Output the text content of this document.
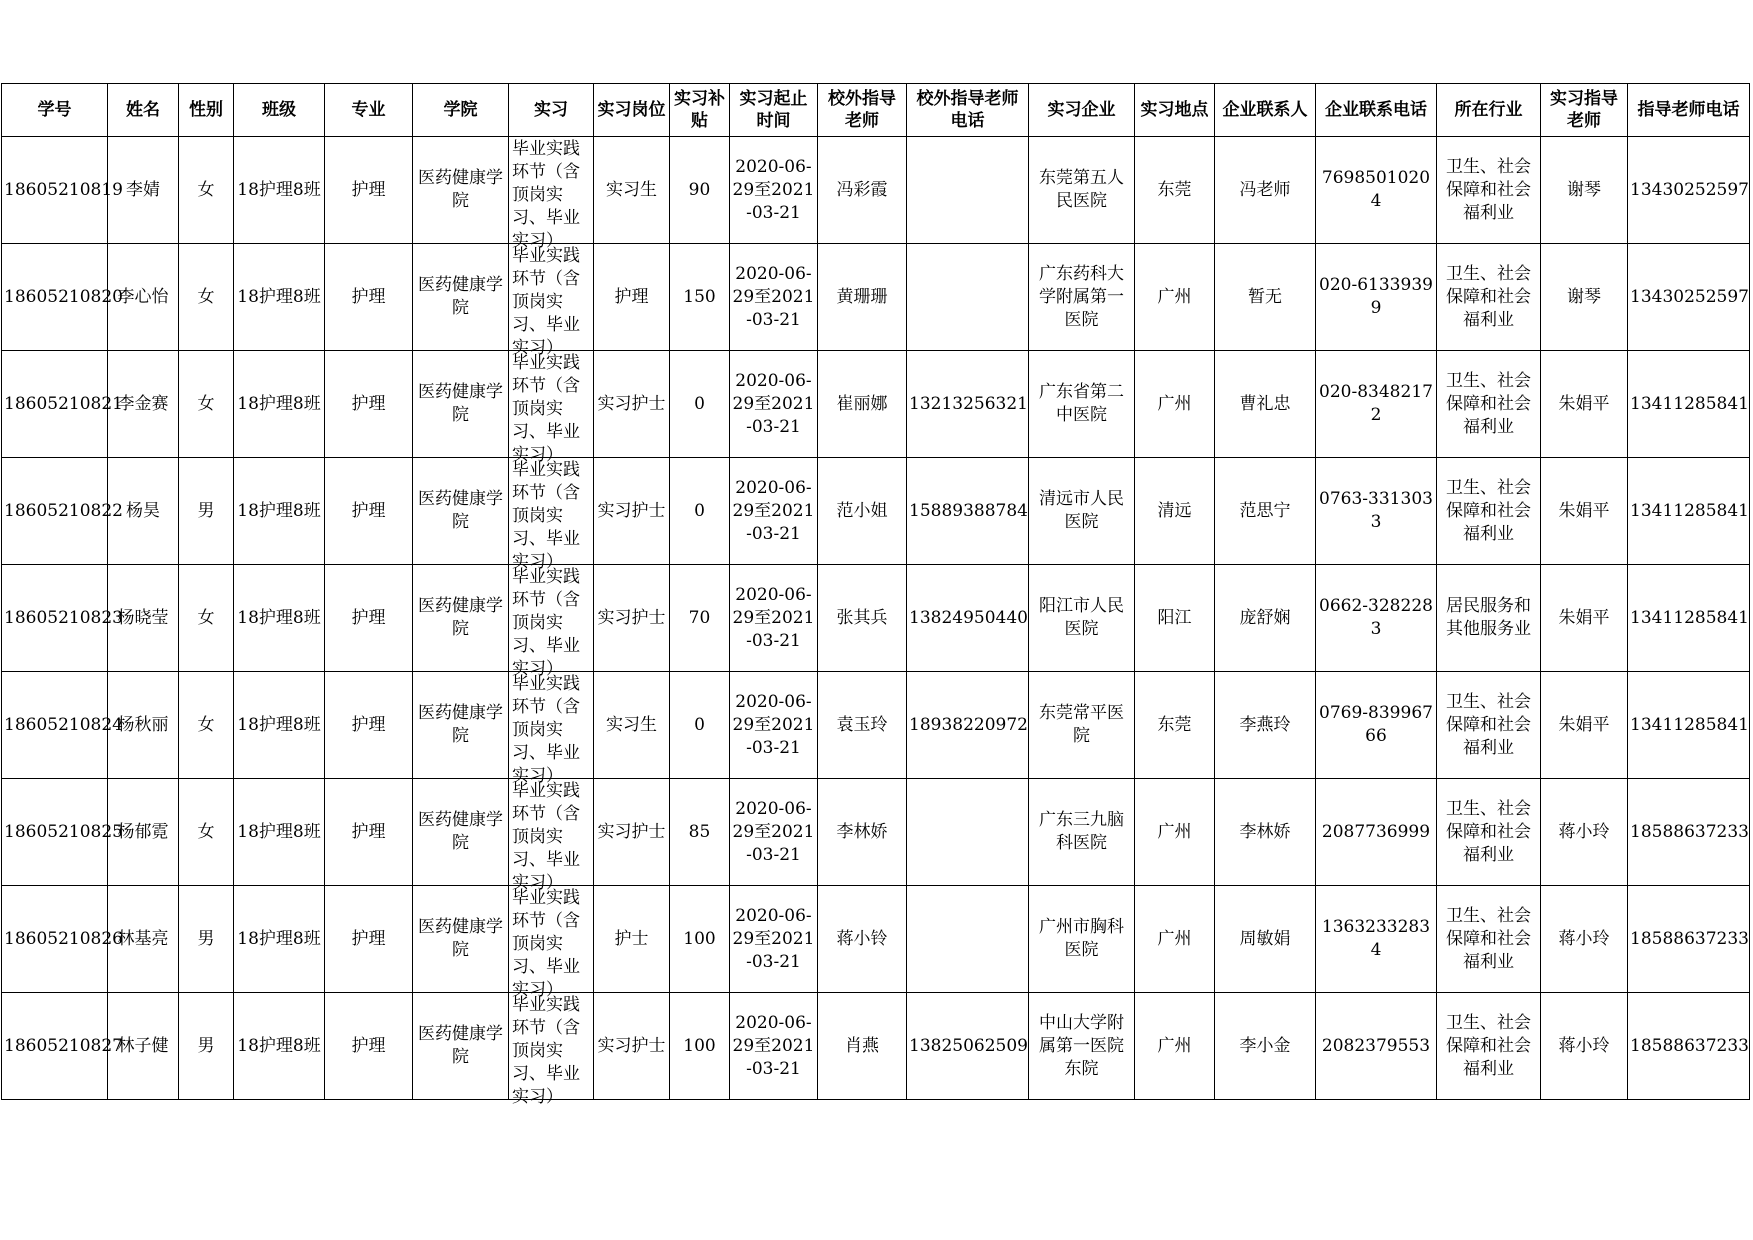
学号	姓名	性别	班级	专业	学院	实习	实习岗位	实习补贴	实习起止时间	校外指导老师	校外指导老师电话	实习企业	实习地点	企业联系人	企业联系电话	所在行业	实习指导老师	指导老师电话
18605210819	李婧	女	18护理8班	护理	医药健康学院	毕业实践环节（含顶岗实习、毕业实习）	实习生	90	2020-06-29至2021-03-21	冯彩霞		东莞第五人民医院	东莞	冯老师	76985010204	卫生、社会保障和社会福利业	谢琴	13430252597
18605210820	李心怡	女	18护理8班	护理	医药健康学院	毕业实践环节（含顶岗实习、毕业实习）	护理	150	2020-06-29至2021-03-21	黄珊珊		广东药科大学附属第一医院	广州	暂无	020-61339399	卫生、社会保障和社会福利业	谢琴	13430252597
18605210821	李金赛	女	18护理8班	护理	医药健康学院	毕业实践环节（含顶岗实习、毕业实习）	实习护士	0	2020-06-29至2021-03-21	崔丽娜	13213256321	广东省第二中医院	广州	曹礼忠	020-83482172	卫生、社会保障和社会福利业	朱娟平	13411285841
18605210822	杨昊	男	18护理8班	护理	医药健康学院	毕业实践环节（含顶岗实习、毕业实习）	实习护士	0	2020-06-29至2021-03-21	范小姐	15889388784	清远市人民医院	清远	范思宁	0763-3313033	卫生、社会保障和社会福利业	朱娟平	13411285841
18605210823	杨晓莹	女	18护理8班	护理	医药健康学院	毕业实践环节（含顶岗实习、毕业实习）	实习护士	70	2020-06-29至2021-03-21	张其兵	13824950440	阳江市人民医院	阳江	庞舒娴	0662-3282283	居民服务和其他服务业	朱娟平	13411285841
18605210824	杨秋丽	女	18护理8班	护理	医药健康学院	毕业实践环节（含顶岗实习、毕业实习）	实习生	0	2020-06-29至2021-03-21	袁玉玲	18938220972	东莞常平医院	东莞	李燕玲	0769-83996766	卫生、社会保障和社会福利业	朱娟平	13411285841
18605210825	杨郁霓	女	18护理8班	护理	医药健康学院	毕业实践环节（含顶岗实习、毕业实习）	实习护士	85	2020-06-29至2021-03-21	李林娇		广东三九脑科医院	广州	李林娇	2087736999	卫生、社会保障和社会福利业	蒋小玲	18588637233
18605210826	林基亮	男	18护理8班	护理	医药健康学院	毕业实践环节（含顶岗实习、毕业实习）	护士	100	2020-06-29至2021-03-21	蒋小铃		广州市胸科医院	广州	周敏娟	13632332834	卫生、社会保障和社会福利业	蒋小玲	18588637233
18605210827	林子健	男	18护理8班	护理	医药健康学院	毕业实践环节（含顶岗实习、毕业实习）	实习护士	100	2020-06-29至2021-03-21	肖燕	13825062509	中山大学附属第一医院东院	广州	李小金	2082379553	卫生、社会保障和社会福利业	蒋小玲	18588637233
